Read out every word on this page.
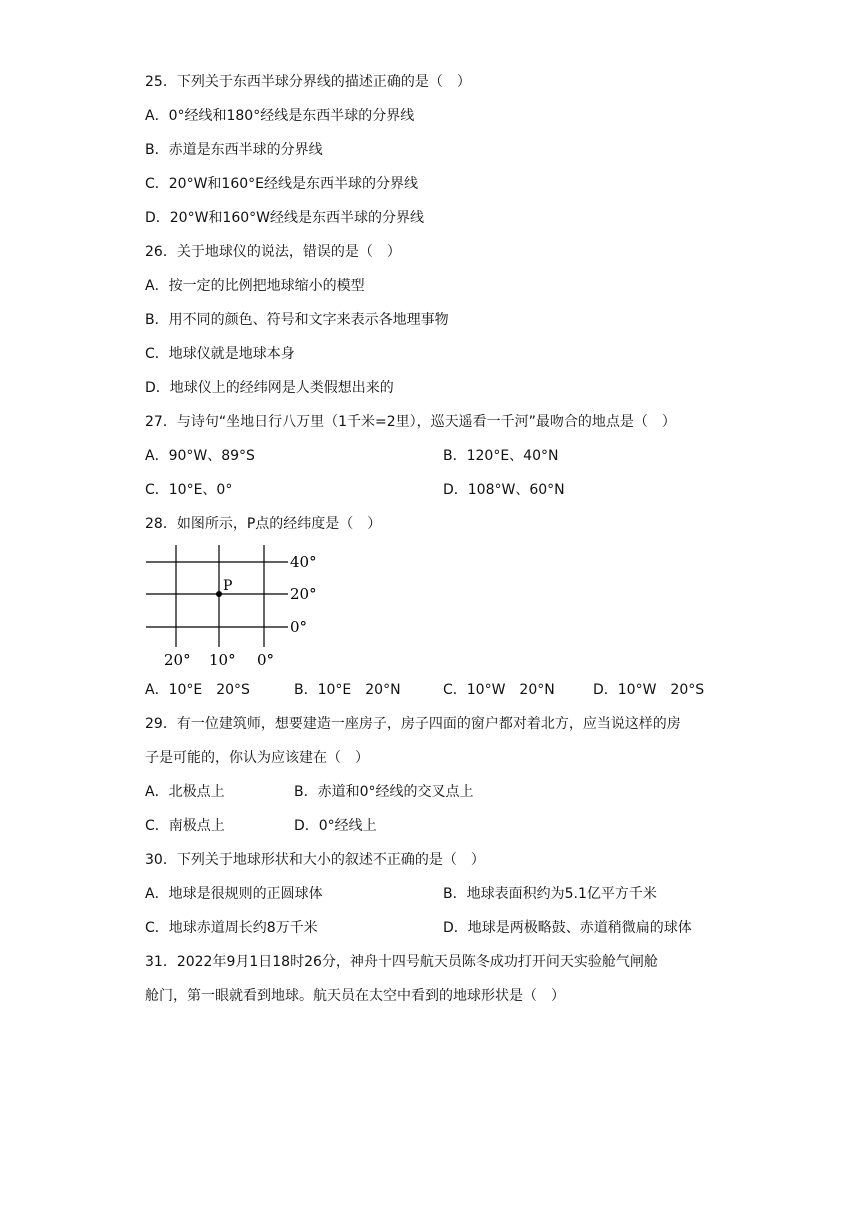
25．下列关于东西半球分界线的描述正确的是（　）
A．0°经线和180°经线是东西半球的分界线
B．赤道是东西半球的分界线
C．20°W和160°E经线是东西半球的分界线
D．20°W和160°W经线是东西半球的分界线
26．关于地球仪的说法，错误的是（　）
A．按一定的比例把地球缩小的模型
B．用不同的颜色、符号和文字来表示各地理事物
C．地球仪就是地球本身
D．地球仪上的经纬网是人类假想出来的
27．与诗句“坐地日行八万里（1千米=2里），巡天遥看一千河”最吻合的地点是（　）
A．90°W、89°S	B．120°E、40°N
C．10°E、0°	D．108°W、60°N
28．如图所示，P点的经纬度是（　）
P
40°
20°
0°
20° 10° 0°
A．10°E　20°S	B．10°E　20°N	C．10°W　20°N	D．10°W　20°S
29．有一位建筑师，想要建造一座房子，房子四面的窗户都对着北方，应当说这样的房
子是可能的，你认为应该建在（　）
A．北极点上	B．赤道和0°经线的交叉点上
C．南极点上	D．0°经线上
30．下列关于地球形状和大小的叙述不正确的是（　）
A．地球是很规则的正圆球体	B．地球表面积约为5.1亿平方千米
C．地球赤道周长约8万千米	D．地球是两极略鼓、赤道稍微扁的球体
31．2022年9月1日18时26分，神舟十四号航天员陈冬成功打开问天实验舱气闸舱
舱门，第一眼就看到地球。航天员在太空中看到的地球形状是（　）
